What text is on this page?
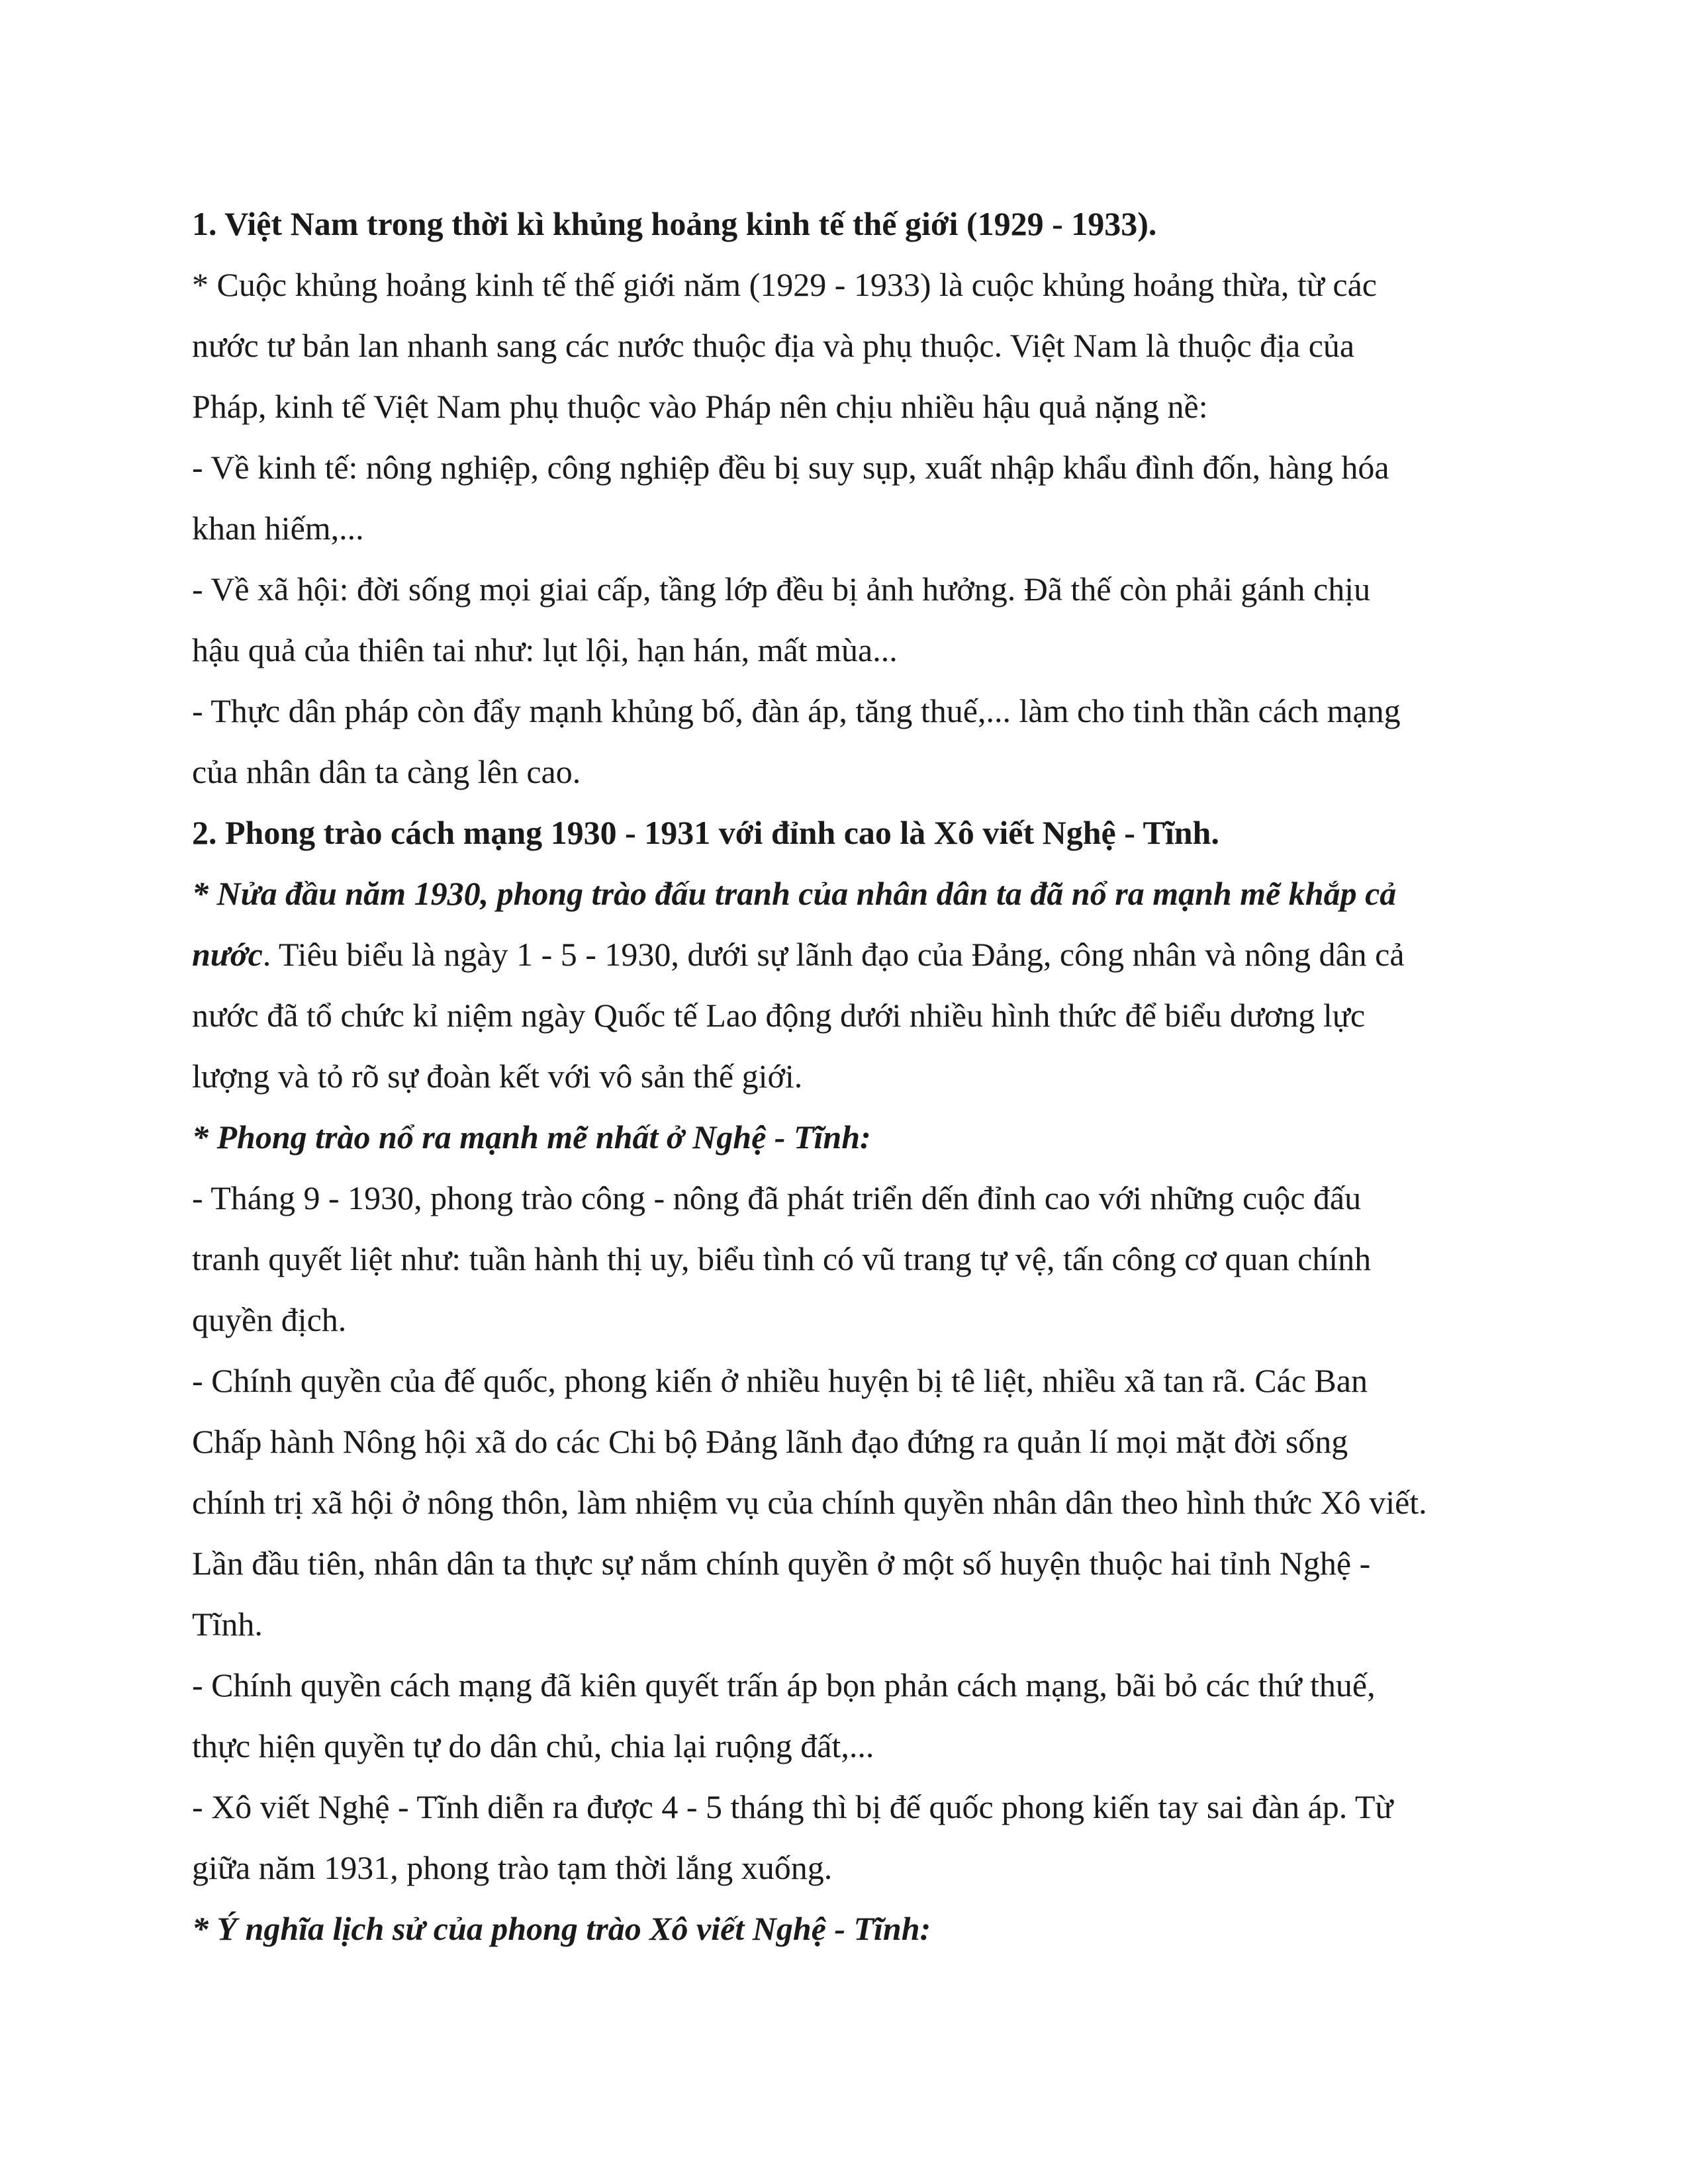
1. Việt Nam trong thời kì khủng hoảng kinh tế thế giới (1929 - 1933).
* Cuộc khủng hoảng kinh tế thế giới năm (1929 - 1933) là cuộc khủng hoảng thừa, từ các
nước tư bản lan nhanh sang các nước thuộc địa và phụ thuộc. Việt Nam là thuộc địa của
Pháp, kinh tế Việt Nam phụ thuộc vào Pháp nên chịu nhiều hậu quả nặng nề:
- Về kinh tế: nông nghiệp, công nghiệp đều bị suy sụp, xuất nhập khẩu đình đốn, hàng hóa
khan hiếm,...
- Về xã hội: đời sống mọi giai cấp, tầng lớp đều bị ảnh hưởng. Đã thế còn phải gánh chịu
hậu quả của thiên tai như: lụt lội, hạn hán, mất mùa...
- Thực dân pháp còn đẩy mạnh khủng bố, đàn áp, tăng thuế,... làm cho tinh thần cách mạng
của nhân dân ta càng lên cao.
2. Phong trào cách mạng 1930 - 1931 với đỉnh cao là Xô viết Nghệ - Tĩnh.
* Nửa đầu năm 1930, phong trào đấu tranh của nhân dân ta đã nổ ra mạnh mẽ khắp cả
nước. Tiêu biểu là ngày 1 - 5 - 1930, dưới sự lãnh đạo của Đảng, công nhân và nông dân cả
nước đã tổ chức kỉ niệm ngày Quốc tế Lao động dưới nhiều hình thức để biểu dương lực
lượng và tỏ rõ sự đoàn kết với vô sản thế giới.
* Phong trào nổ ra mạnh mẽ nhất ở Nghệ - Tĩnh:
- Tháng 9 - 1930, phong trào công - nông đã phát triển dến đỉnh cao với những cuộc đấu
tranh quyết liệt như: tuần hành thị uy, biểu tình có vũ trang tự vệ, tấn công cơ quan chính
quyền địch.
- Chính quyền của đế quốc, phong kiến ở nhiều huyện bị tê liệt, nhiều xã tan rã. Các Ban
Chấp hành Nông hội xã do các Chi bộ Đảng lãnh đạo đứng ra quản lí mọi mặt đời sống
chính trị xã hội ở nông thôn, làm nhiệm vụ của chính quyền nhân dân theo hình thức Xô viết.
Lần đầu tiên, nhân dân ta thực sự nắm chính quyền ở một số huyện thuộc hai tỉnh Nghệ -
Tĩnh.
- Chính quyền cách mạng đã kiên quyết trấn áp bọn phản cách mạng, bãi bỏ các thứ thuế,
thực hiện quyền tự do dân chủ, chia lại ruộng đất,...
- Xô viết Nghệ - Tĩnh diễn ra được 4 - 5 tháng thì bị đế quốc phong kiến tay sai đàn áp. Từ
giữa năm 1931, phong trào tạm thời lắng xuống.
* Ý nghĩa lịch sử của phong trào Xô viết Nghệ - Tĩnh:
